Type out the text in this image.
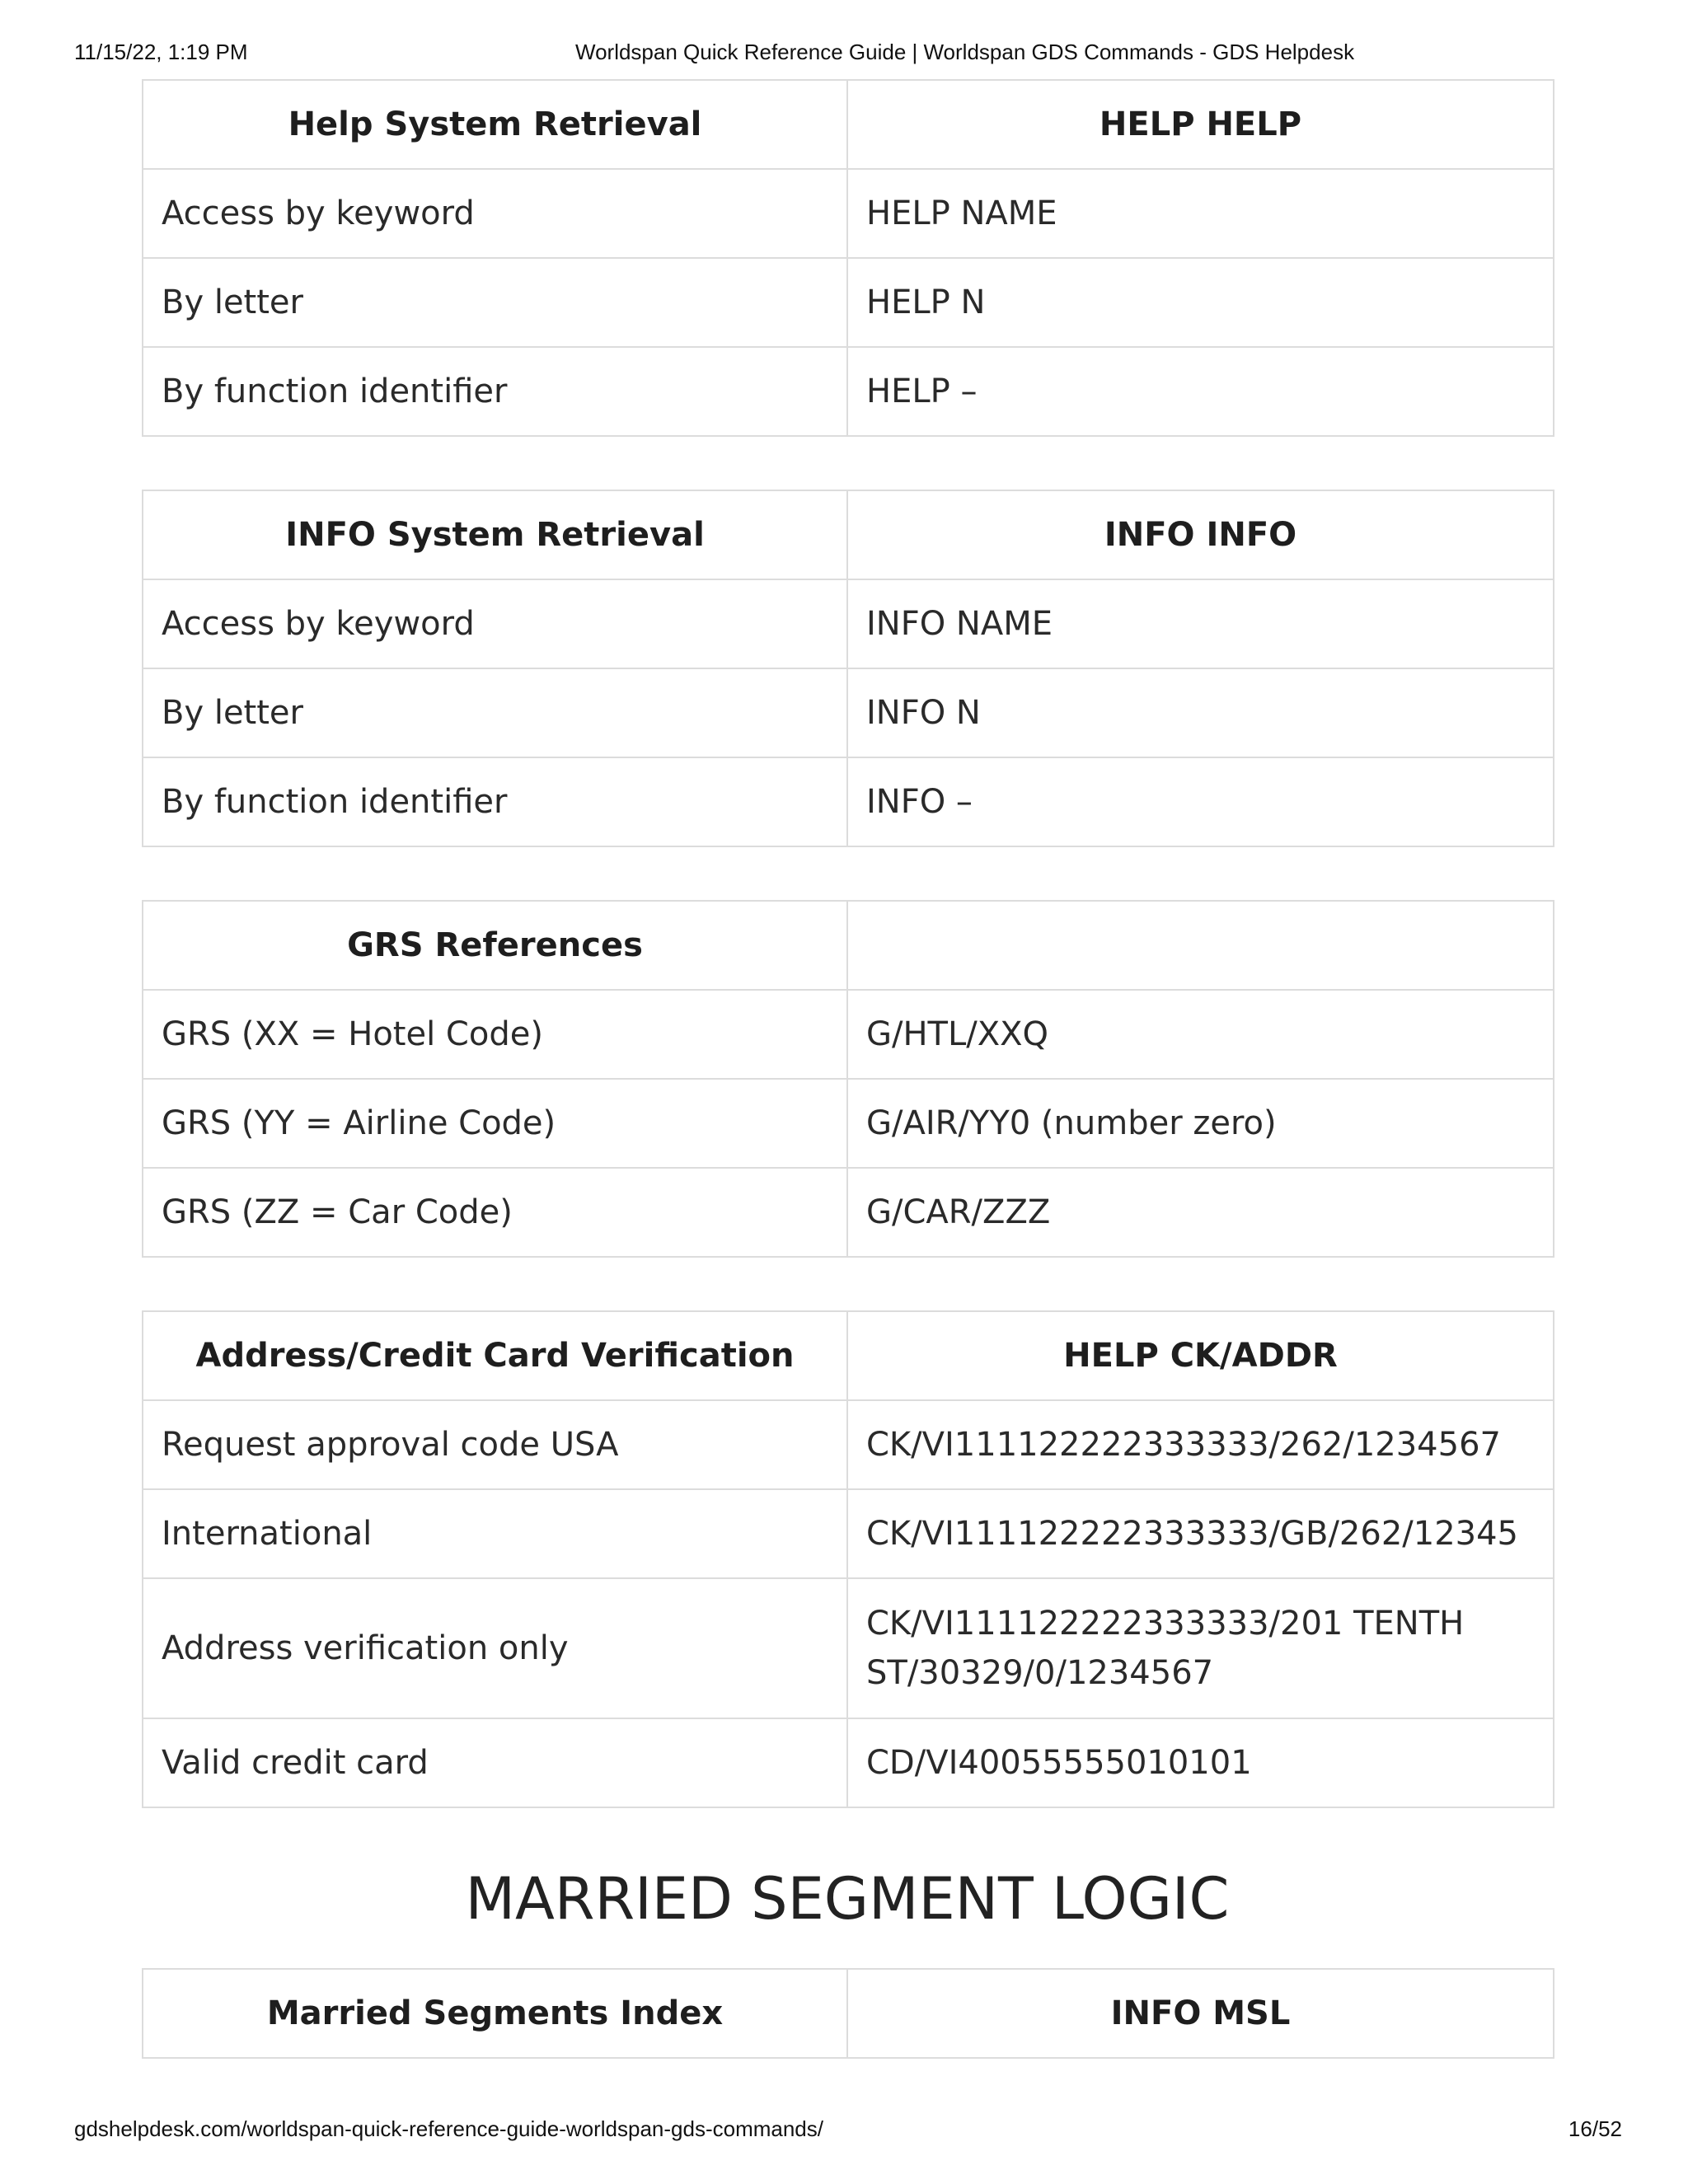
11/15/22, 1:19 PM	Worldspan Quick Reference Guide | Worldspan GDS Commands - GDS Helpdesk
Help System Retrieval	HELP HELP
Access by keyword	HELP NAME
By letter	HELP N
By function identifier	HELP –
INFO System Retrieval	INFO INFO
Access by keyword	INFO NAME
By letter	INFO N
By function identifier	INFO –
GRS References	
GRS (XX = Hotel Code)	G/HTL/XXQ
GRS (YY = Airline Code)	G/AIR/YY0 (number zero)
GRS (ZZ = Car Code)	G/CAR/ZZZ
Address/Credit Card Verification	HELP CK/ADDR
Request approval code USA	CK/VI111122222333333/262/1234567
International	CK/VI111122222333333/GB/262/12345
Address verification only	CK/VI111122222333333/201 TENTH ST/30329/0/1234567
Valid credit card	CD/VI40055555010101
MARRIED SEGMENT LOGIC
Married Segments Index	INFO MSL
gdshelpdesk.com/worldspan-quick-reference-guide-worldspan-gds-commands/	16/52
